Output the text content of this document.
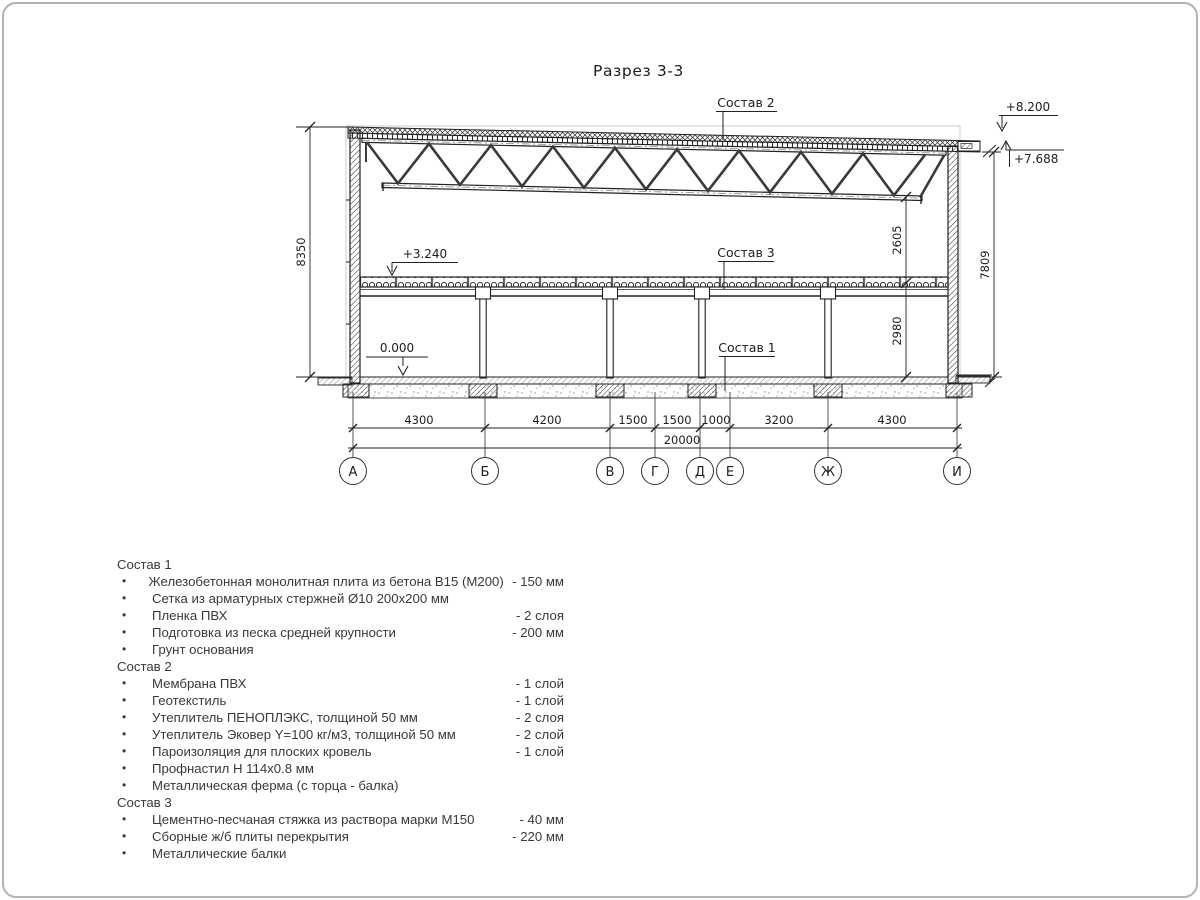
Разрез 3-3
Состав 2
Состав 3
Состав 1
+8.200
+7.688
+3.240
0.000
8350	7809
2605
2980
4300	4200	1500 1500 1000	3200	4300
20000
А	Б	В	Г	Д Е	Ж	И
Состав 1
•	Железобетонная монолитная плита из бетона В15 (М200) - 150 мм
•	Сетка из арматурных стержней Ø10 200x200 мм
•	Пленка ПВХ	- 2 слоя
•	Подготовка из песка средней крупности	- 200 мм
•	Грунт основания
Состав 2
•	Мембрана ПВХ	- 1 слой
•	Геотекстиль	- 1 слой
•	Утеплитель ПЕНОПЛЭКС, толщиной 50 мм	- 2 слоя
•	Утеплитель Эковер Y=100 кг/м3, толщиной 50 мм	- 2 слой
•	Пароизоляция для плоских кровель	- 1 слой
•	Профнастил Н 114x0.8 мм
•	Металлическая ферма (с торца - балка)
Состав 3
•	Цементно-песчаная стяжка из раствора марки М150	- 40 мм
•	Сборные ж/б плиты перекрытия	- 220 мм
•	Металлические балки
